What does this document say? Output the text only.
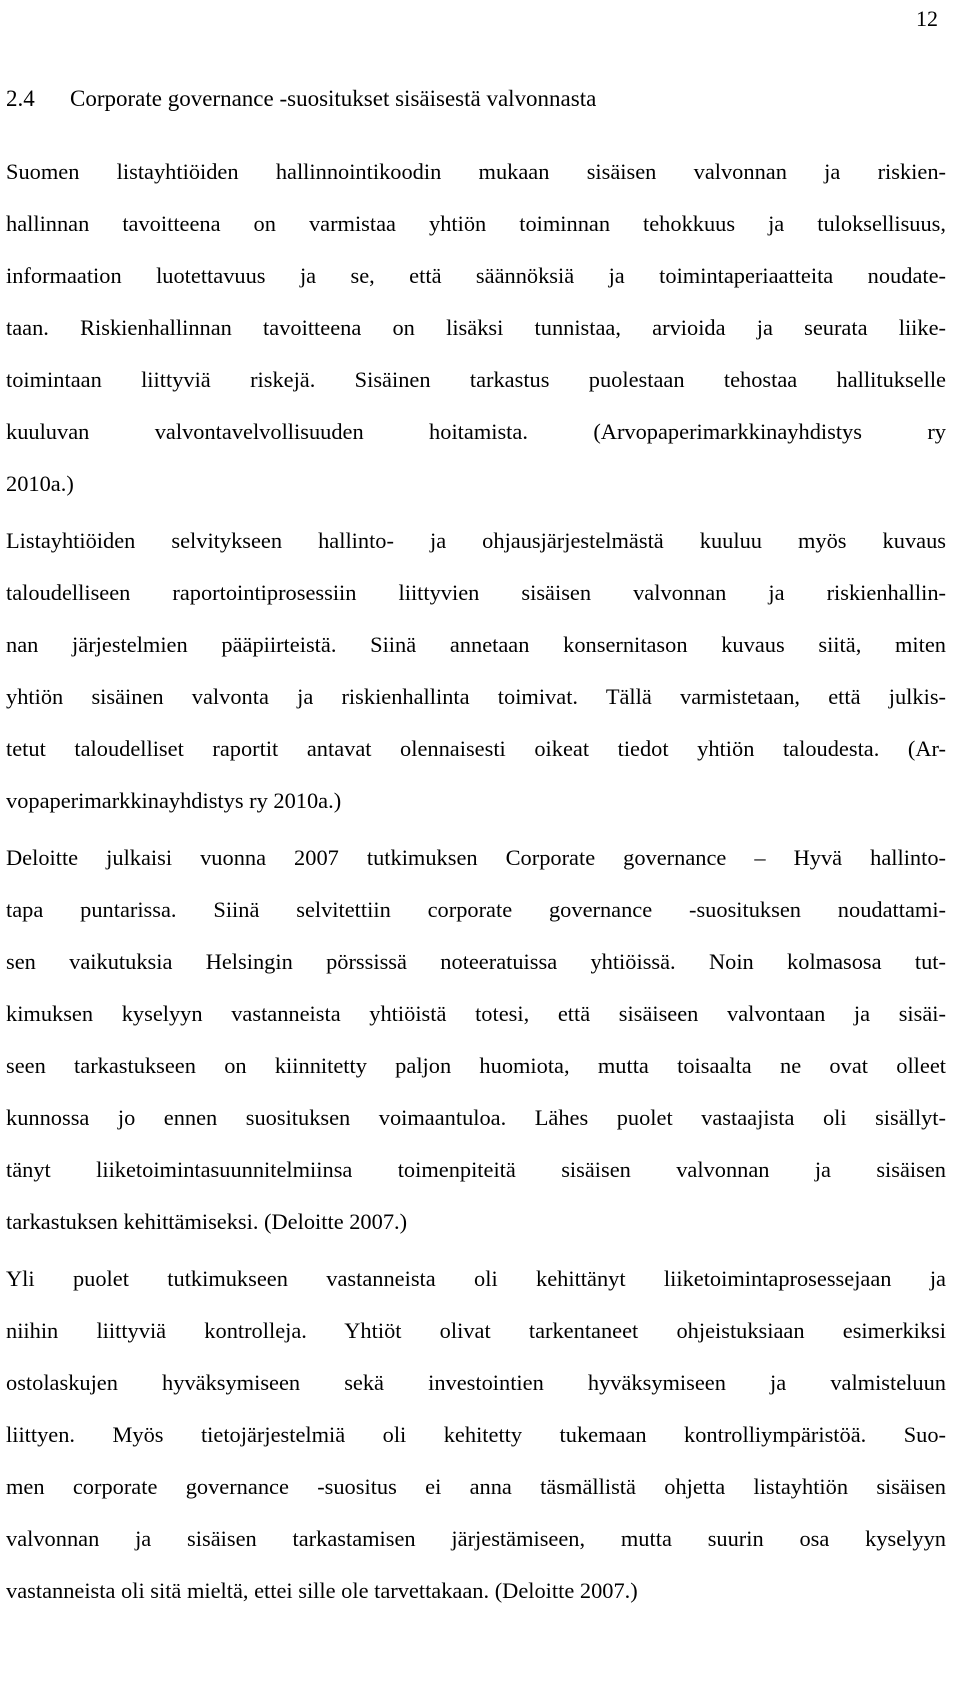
12
2.4 Corporate governance -suositukset sisäisestä valvonnasta
Suomen listayhtiöiden hallinnointikoodin mukaan sisäisen valvonnan ja riskien-
hallinnan tavoitteena on varmistaa yhtiön toiminnan tehokkuus ja tuloksellisuus,
informaation luotettavuus ja se, että säännöksiä ja toimintaperiaatteita noudate-
taan. Riskienhallinnan tavoitteena on lisäksi tunnistaa, arvioida ja seurata liike-
toimintaan liittyviä riskejä. Sisäinen tarkastus puolestaan tehostaa hallitukselle
kuuluvan valvontavelvollisuuden hoitamista. (Arvopaperimarkkinayhdistys ry
2010a.)
Listayhtiöiden selvitykseen hallinto- ja ohjausjärjestelmästä kuuluu myös kuvaus
taloudelliseen raportointiprosessiin liittyvien sisäisen valvonnan ja riskienhallin-
nan järjestelmien pääpiirteistä. Siinä annetaan konsernitason kuvaus siitä, miten
yhtiön sisäinen valvonta ja riskienhallinta toimivat. Tällä varmistetaan, että julkis-
tetut taloudelliset raportit antavat olennaisesti oikeat tiedot yhtiön taloudesta. (Ar-
vopaperimarkkinayhdistys ry 2010a.)
Deloitte julkaisi vuonna 2007 tutkimuksen Corporate governance – Hyvä hallinto-
tapa puntarissa. Siinä selvitettiin corporate governance -suosituksen noudattami-
sen vaikutuksia Helsingin pörssissä noteeratuissa yhtiöissä. Noin kolmasosa tut-
kimuksen kyselyyn vastanneista yhtiöistä totesi, että sisäiseen valvontaan ja sisäi-
seen tarkastukseen on kiinnitetty paljon huomiota, mutta toisaalta ne ovat olleet
kunnossa jo ennen suosituksen voimaantuloa. Lähes puolet vastaajista oli sisällyt-
tänyt liiketoimintasuunnitelmiinsa toimenpiteitä sisäisen valvonnan ja sisäisen
tarkastuksen kehittämiseksi. (Deloitte 2007.)
Yli puolet tutkimukseen vastanneista oli kehittänyt liiketoimintaprosessejaan ja
niihin liittyviä kontrolleja. Yhtiöt olivat tarkentaneet ohjeistuksiaan esimerkiksi
ostolaskujen hyväksymiseen sekä investointien hyväksymiseen ja valmisteluun
liittyen. Myös tietojärjestelmiä oli kehitetty tukemaan kontrolliympäristöä. Suo-
men corporate governance -suositus ei anna täsmällistä ohjetta listayhtiön sisäisen
valvonnan ja sisäisen tarkastamisen järjestämiseen, mutta suurin osa kyselyyn
vastanneista oli sitä mieltä, ettei sille ole tarvettakaan. (Deloitte 2007.)
